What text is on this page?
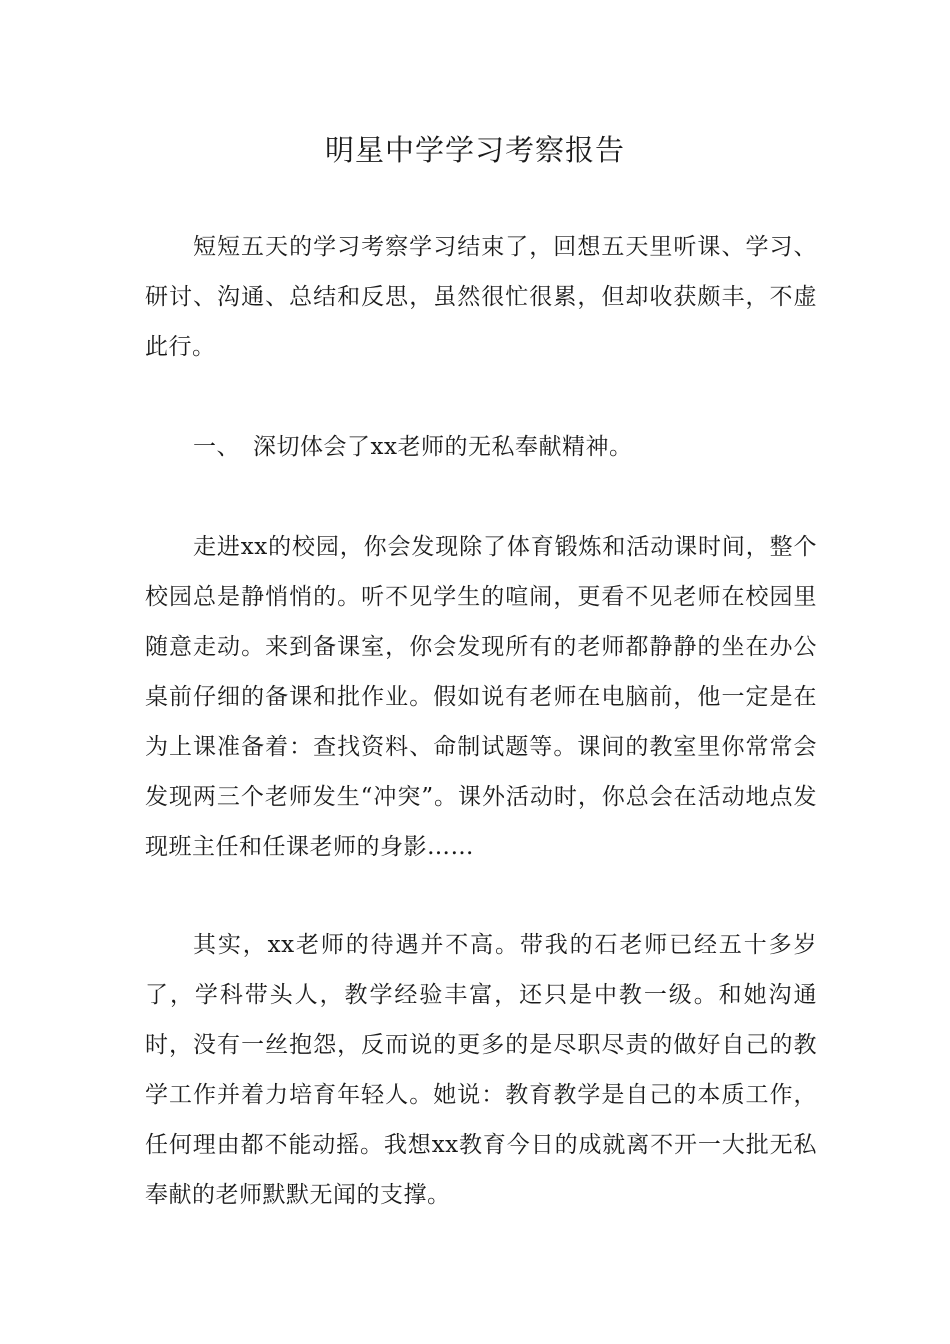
明星中学学习考察报告

短短五天的学习考察学习结束了，回想五天里听课、学习、研讨、沟通、总结和反思，虽然很忙很累，但却收获颇丰，不虚此行。

一、 深切体会了xx老师的无私奉献精神。

走进xx的校园，你会发现除了体育锻炼和活动课时间，整个校园总是静悄悄的。听不见学生的喧闹，更看不见老师在校园里随意走动。来到备课室，你会发现所有的老师都静静的坐在办公桌前仔细的备课和批作业。假如说有老师在电脑前，他一定是在为上课准备着：查找资料、命制试题等。课间的教室里你常常会发现两三个老师发生“冲突”。课外活动时，你总会在活动地点发现班主任和任课老师的身影……

其实，xx老师的待遇并不高。带我的石老师已经五十多岁了，学科带头人，教学经验丰富，还只是中教一级。和她沟通时，没有一丝抱怨，反而说的更多的是尽职尽责的做好自己的教学工作并着力培育年轻人。她说：教育教学是自己的本质工作，任何理由都不能动摇。我想xx教育今日的成就离不开一大批无私奉献的老师默默无闻的支撑。
